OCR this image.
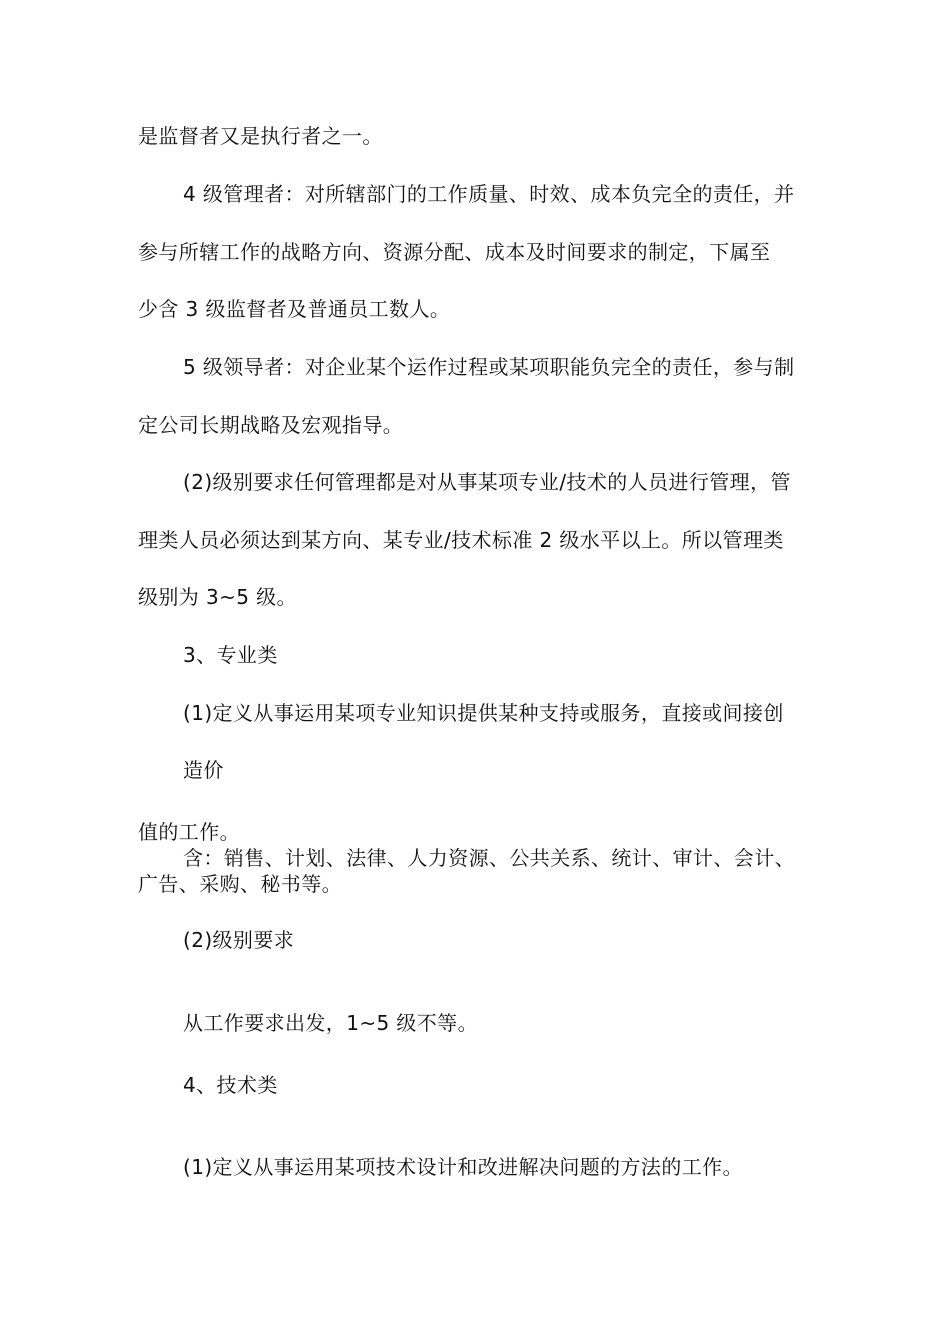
是监督者又是执行者之一。

4 级管理者：对所辖部门的工作质量、时效、成本负完全的责任，并

参与所辖工作的战略方向、资源分配、成本及时间要求的制定，下属至

少含 3 级监督者及普通员工数人。

5 级领导者：对企业某个运作过程或某项职能负完全的责任，参与制

定公司长期战略及宏观指导。

(2)级别要求任何管理都是对从事某项专业/技术的人员进行管理，管

理类人员必须达到某方向、某专业/技术标准 2 级水平以上。所以管理类

级别为 3~5 级。

3、专业类

(1)定义从事运用某项专业知识提供某种支持或服务，直接或间接创

造价

值的工作。

含：销售、计划、法律、人力资源、公共关系、统计、审计、会计、

广告、采购、秘书等。

(2)级别要求

从工作要求出发，1~5 级不等。

4、技术类

(1)定义从事运用某项技术设计和改进解决问题的方法的工作。
